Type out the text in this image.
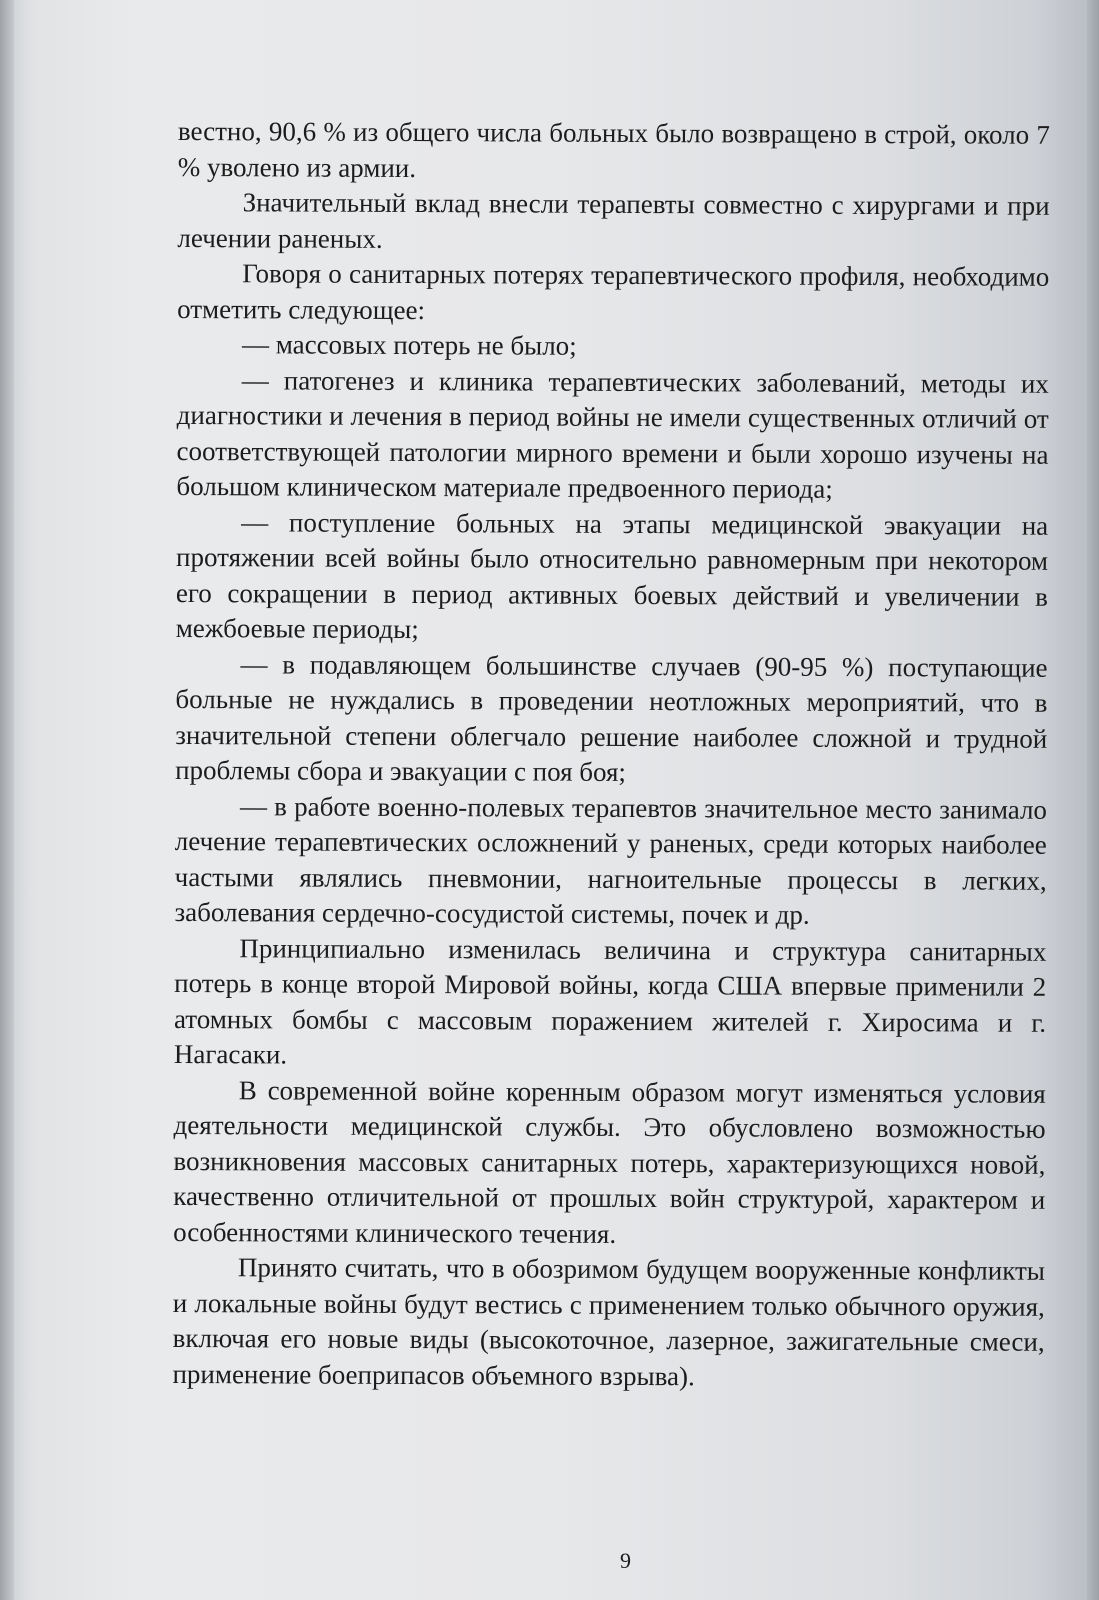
вестно, 90,6 % из общего числа больных было возвращено в строй, около 7 % уволено из армии.

Значительный вклад внесли терапевты совместно с хирургами и при лечении раненых.

Говоря о санитарных потерях терапевтического профиля, необходимо отметить следующее:

— массовых потерь не было;

— патогенез и клиника терапевтических заболеваний, методы их диагностики и лечения в период войны не имели существенных отличий от соответствующей патологии мирного времени и были хорошо изучены на большом клиническом материале предвоенного периода;

— поступление больных на этапы медицинской эвакуации на протяжении всей войны было относительно равномерным при некотором его сокращении в период активных боевых действий и увеличении в межбоевые периоды;

— в подавляющем большинстве случаев (90-95 %) поступающие больные не нуждались в проведении неотложных мероприятий, что в значительной степени облегчало решение наиболее сложной и трудной проблемы сбора и эвакуации с поя боя;

— в работе военно-полевых терапевтов значительное место занимало лечение терапевтических осложнений у раненых, среди которых наиболее частыми являлись пневмонии, нагноительные процессы в легких, заболевания сердечно-сосудистой системы, почек и др.

Принципиально изменилась величина и структура санитарных потерь в конце второй Мировой войны, когда США впервые применили 2 атомных бомбы с массовым поражением жителей г. Хиросима и г. Нагасаки.

В современной войне коренным образом могут изменяться условия деятельности медицинской службы. Это обусловлено возможностью возникновения массовых санитарных потерь, характеризующихся новой, качественно отличительной от прошлых войн структурой, характером и особенностями клинического течения.

Принято считать, что в обозримом будущем вооруженные конфликты и локальные войны будут вестись с применением только обычного оружия, включая его новые виды (высокоточное, лазерное, зажигательные смеси, применение боеприпасов объемного взрыва).

9
